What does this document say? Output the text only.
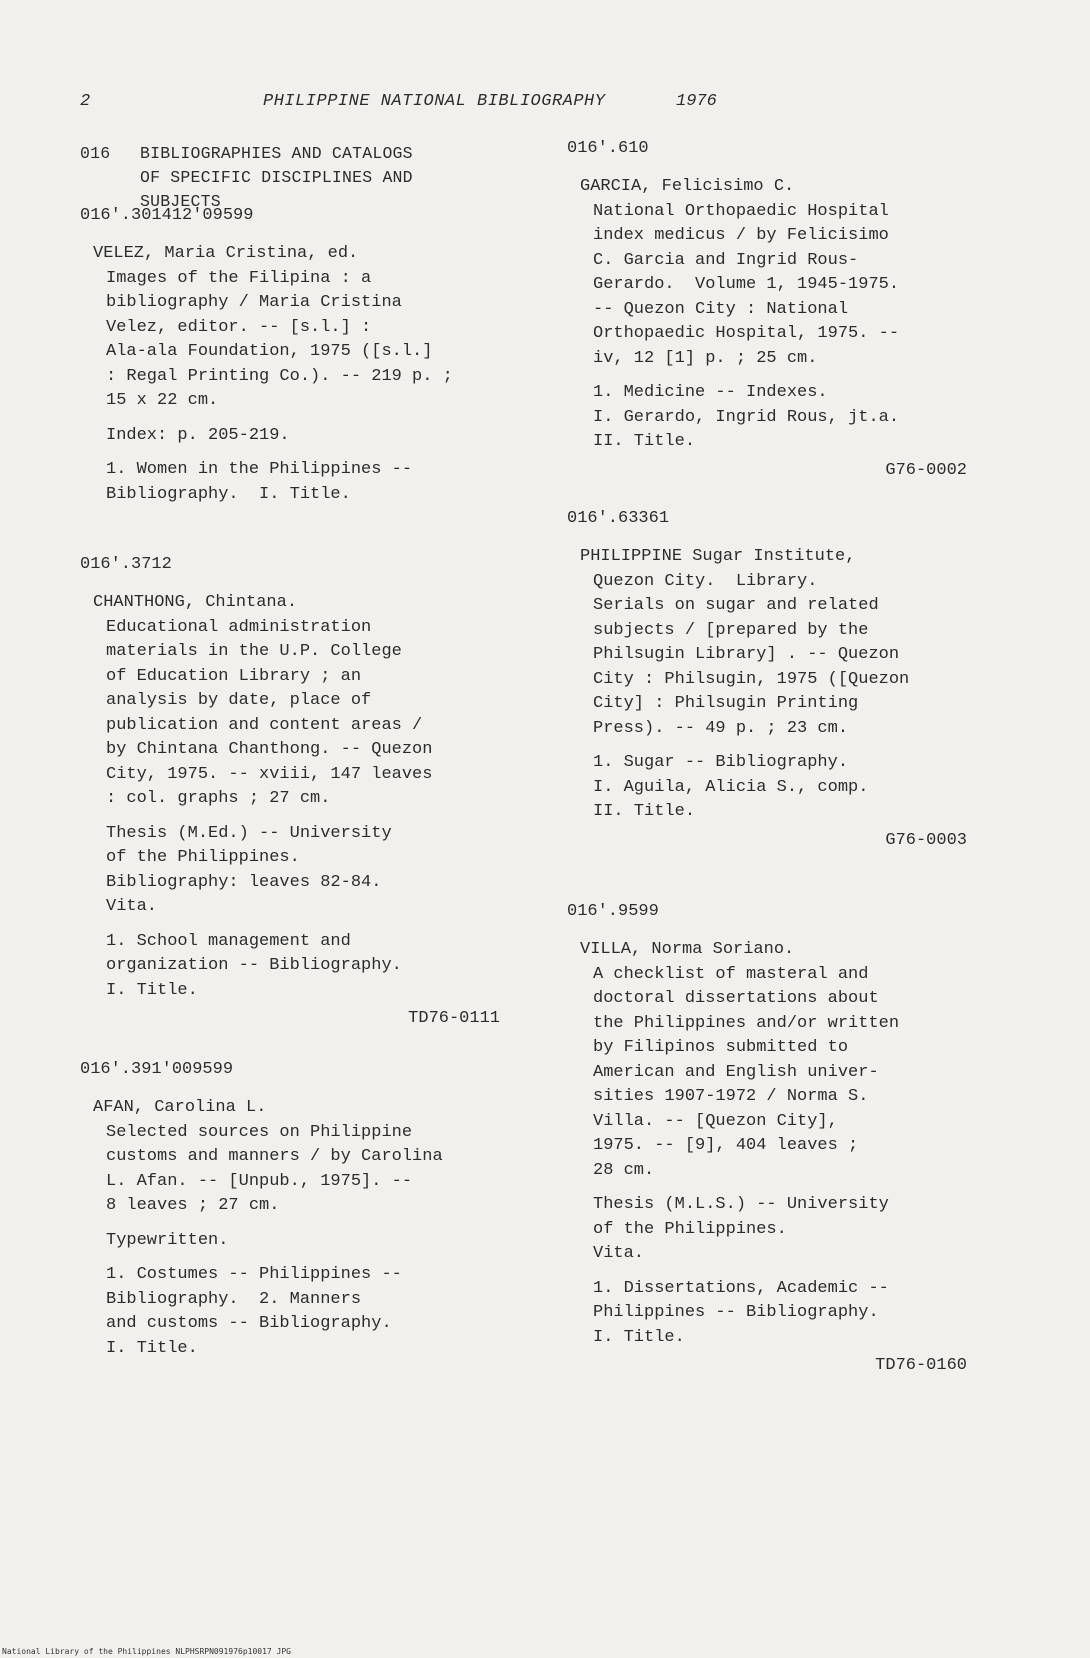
2	PHILIPPINE NATIONAL BIBLIOGRAPHY	1976
016 BIBLIOGRAPHIES AND CATALOGS
OF SPECIFIC DISCIPLINES AND
SUBJECTS
016'.301412'09599
VELEZ, Maria Cristina, ed.
Images of the Filipina : a
bibliography / Maria Cristina
Velez, editor. -- [s.l.] :
Ala-ala Foundation, 1975 ([s.l.]
: Regal Printing Co.). -- 219 p. ;
15 x 22 cm.
Index: p. 205-219.
1. Women in the Philippines --
Bibliography.  I. Title.
016'.3712
CHANTHONG, Chintana.
Educational administration
materials in the U.P. College
of Education Library ; an
analysis by date, place of
publication and content areas /
by Chintana Chanthong. -- Quezon
City, 1975. -- xviii, 147 leaves
: col. graphs ; 27 cm.
Thesis (M.Ed.) -- University
of the Philippines.
Bibliography: leaves 82-84.
Vita.
1. School management and
organization -- Bibliography.
I. Title.
TD76-0111
016'.391'009599
AFAN, Carolina L.
Selected sources on Philippine
customs and manners / by Carolina
L. Afan. -- [Unpub., 1975]. --
8 leaves ; 27 cm.
Typewritten.
1. Costumes -- Philippines --
Bibliography.  2. Manners
and customs -- Bibliography.
I. Title.
016'.610
GARCIA, Felicisimo C.
National Orthopaedic Hospital
index medicus / by Felicisimo
C. Garcia and Ingrid Rous-
Gerardo.  Volume 1, 1945-1975.
-- Quezon City : National
Orthopaedic Hospital, 1975. --
iv, 12 [1] p. ; 25 cm.
1. Medicine -- Indexes.
I. Gerardo, Ingrid Rous, jt.a.
II. Title.
G76-0002
016'.63361
PHILIPPINE Sugar Institute,
Quezon City.  Library.
Serials on sugar and related
subjects / [prepared by the
Philsugin Library] . -- Quezon
City : Philsugin, 1975 ([Quezon
City] : Philsugin Printing
Press). -- 49 p. ; 23 cm.
1. Sugar -- Bibliography.
I. Aguila, Alicia S., comp.
II. Title.
G76-0003
016'.9599
VILLA, Norma Soriano.
A checklist of masteral and
doctoral dissertations about
the Philippines and/or written
by Filipinos submitted to
American and English univer-
sities 1907-1972 / Norma S.
Villa. -- [Quezon City],
1975. -- [9], 404 leaves ;
28 cm.
Thesis (M.L.S.) -- University
of the Philippines.
Vita.
1. Dissertations, Academic --
Philippines -- Bibliography.
I. Title.
TD76-0160
National Library of the Philippines NLPHSRPN091976p10017 JPG
